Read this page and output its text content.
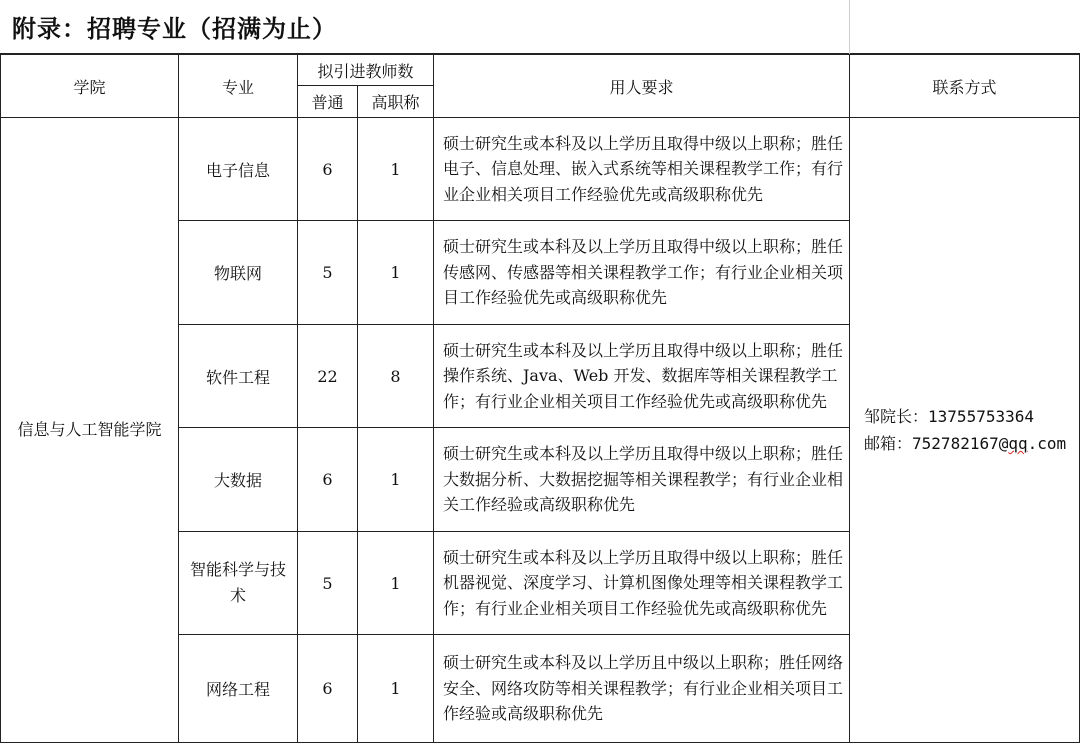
附录：招聘专业（招满为止）
学院	专业	拟引进教师数		用人要求	联系方式
		普通	高职称		
信息与人工智能学院	电子信息	6	1	硕士研究生或本科及以上学历且取得中级以上职称；胜任电子、信息处理、嵌入式系统等相关课程教学工作；有行业企业相关项目工作经验优先或高级职称优先	邹院长：13755753364
邮箱：752782167@qq.com

	物联网	5	1	硕士研究生或本科及以上学历且取得中级以上职称；胜任传感网、传感器等相关课程教学工作；有行业企业相关项目工作经验优先或高级职称优先	
	软件工程	22	8	硕士研究生或本科及以上学历且取得中级以上职称；胜任操作系统、Java、Web 开发、数据库等相关课程教学工作；有行业企业相关项目工作经验优先或高级职称优先	
	大数据	6	1	硕士研究生或本科及以上学历且取得中级以上职称；胜任大数据分析、大数据挖掘等相关课程教学；有行业企业相关工作经验或高级职称优先	
	智能科学与技术	5	1	硕士研究生或本科及以上学历且取得中级以上职称；胜任机器视觉、深度学习、计算机图像处理等相关课程教学工作；有行业企业相关项目工作经验优先或高级职称优先	
	网络工程	6	1	硕士研究生或本科及以上学历且中级以上职称；胜任网络安全、网络攻防等相关课程教学；有行业企业相关项目工作经验或高级职称优先	
